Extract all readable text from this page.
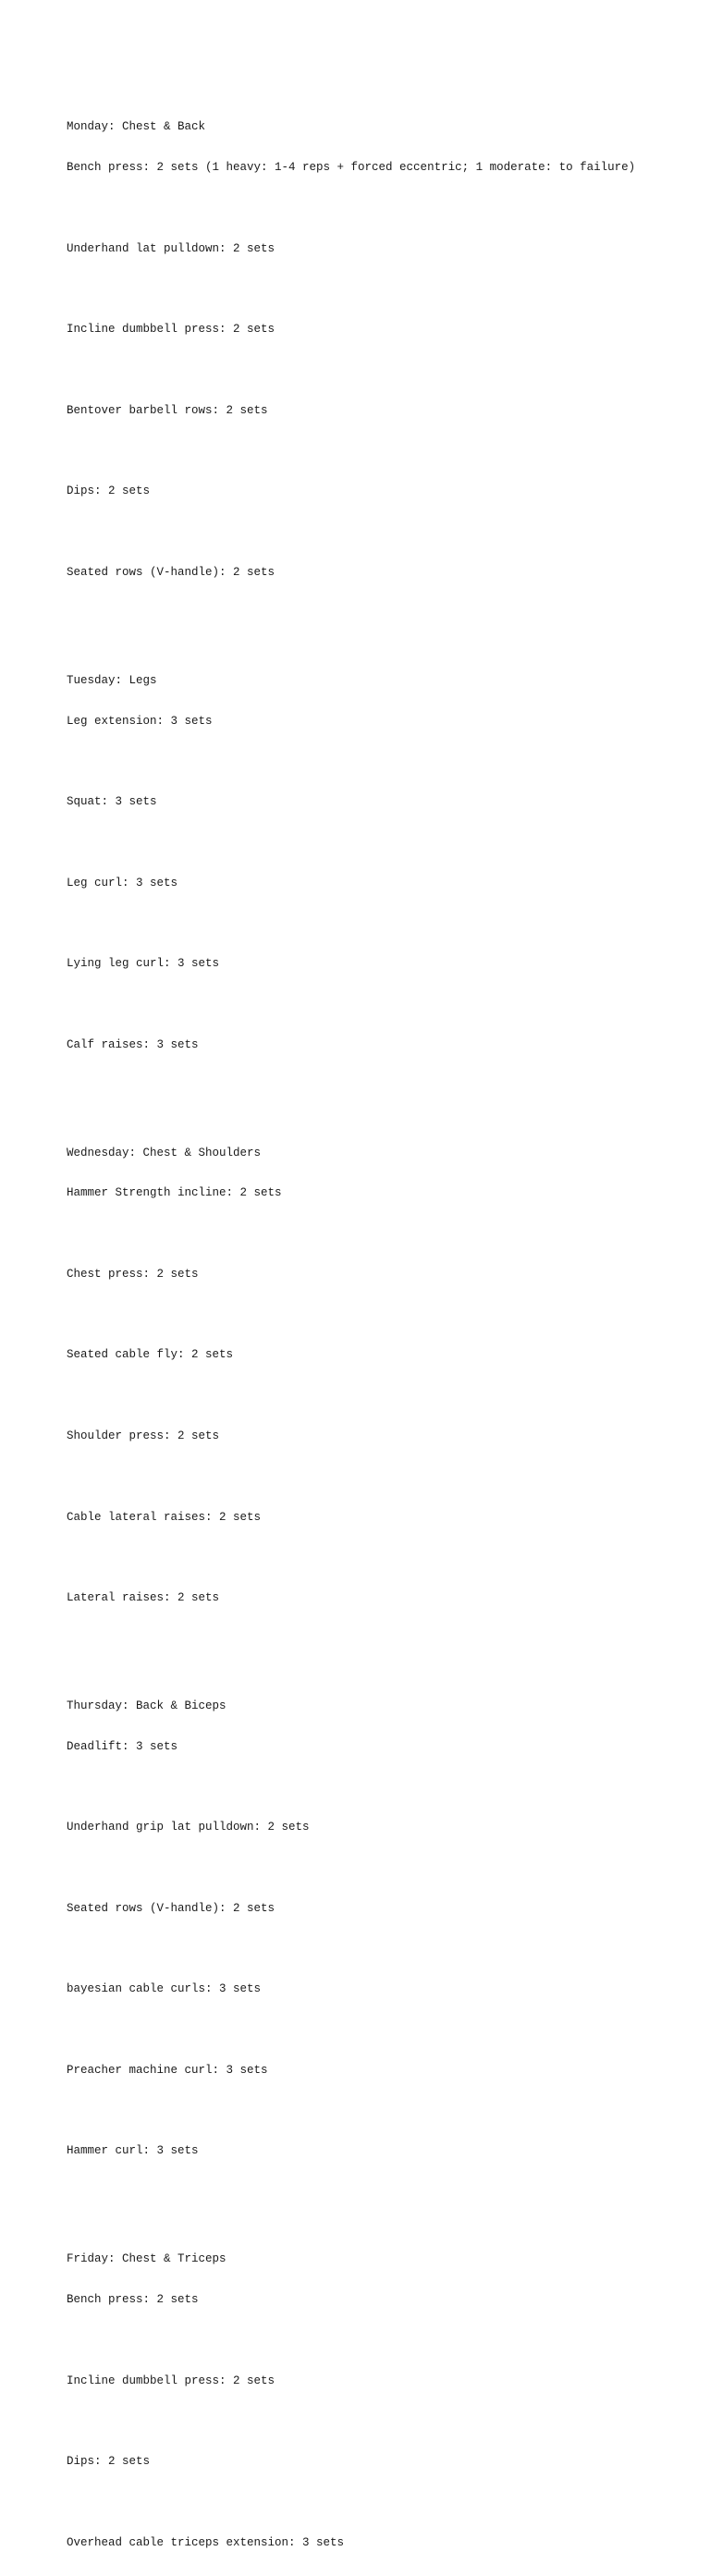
Monday: Chest & Back

Bench press: 2 sets (1 heavy: 1-4 reps + forced eccentric; 1 moderate: to failure)

Underhand lat pulldown: 2 sets

Incline dumbbell press: 2 sets

Bentover barbell rows: 2 sets

Dips: 2 sets

Seated rows (V-handle): 2 sets

Tuesday: Legs

Leg extension: 3 sets

Squat: 3 sets

Leg curl: 3 sets

Lying leg curl: 3 sets

Calf raises: 3 sets

Wednesday: Chest & Shoulders

Hammer Strength incline: 2 sets

Chest press: 2 sets

Seated cable fly: 2 sets

Shoulder press: 2 sets

Cable lateral raises: 2 sets

Lateral raises: 2 sets

Thursday: Back & Biceps

Deadlift: 3 sets

Underhand grip lat pulldown: 2 sets

Seated rows (V-handle): 2 sets

bayesian cable curls: 3 sets

Preacher machine curl: 3 sets

Hammer curl: 3 sets

Friday: Chest & Triceps

Bench press: 2 sets

Incline dumbbell press: 2 sets

Dips: 2 sets

Overhead cable triceps extension: 3 sets
